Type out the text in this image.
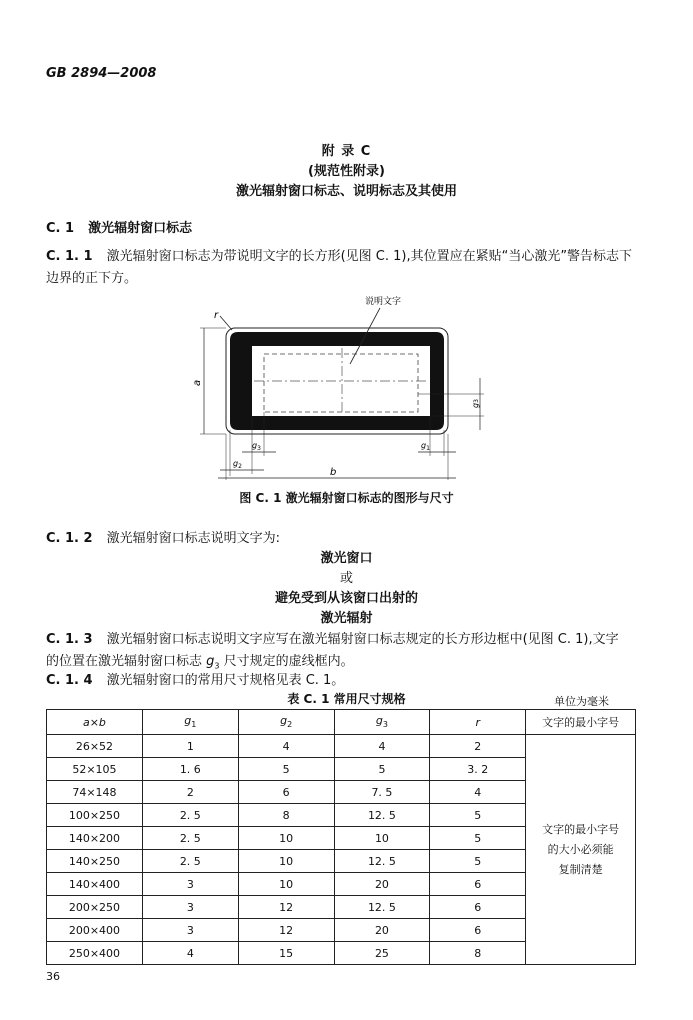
GB 2894—2008
附 录 C
(规范性附录)
激光辐射窗口标志、说明标志及其使用
C. 1 激光辐射窗口标志
C. 1. 1 激光辐射窗口标志为带说明文字的长方形(见图 C. 1),其位置应在紧贴“当心激光”警告标志下
边界的正下方。
说明文字
r
a
g3
$g_3$	$g_1$
$g_2$
b
图 C. 1 激光辐射窗口标志的图形与尺寸
C. 1. 2 激光辐射窗口标志说明文字为:
激光窗口
或
避免受到从该窗口出射的
激光辐射
C. 1. 3 激光辐射窗口标志说明文字应写在激光辐射窗口标志规定的长方形边框中(见图 C. 1),文字
的位置在激光辐射窗口标志 $g_3$ 尺寸规定的虚线框内。
C. 1. 4 激光辐射窗口的常用尺寸规格见表 C. 1。
表 C. 1 常用尺寸规格	单位为毫米
a×b	$g_1$	$g_2$	$g_3$	r	文字的最小字号
26×52	1	4	4	2	文字的最小字号
的大小必须能
复制清楚

52×105	1. 6	5	5	3. 2	
74×148	2	6	7. 5	4	
100×250	2. 5	8	12. 5	5	
140×200	2. 5	10	10	5	
140×250	2. 5	10	12. 5	5	
140×400	3	10	20	6	
200×250	3	12	12. 5	6	
200×400	3	12	20	6	
250×400	4	15	25	8	
36
